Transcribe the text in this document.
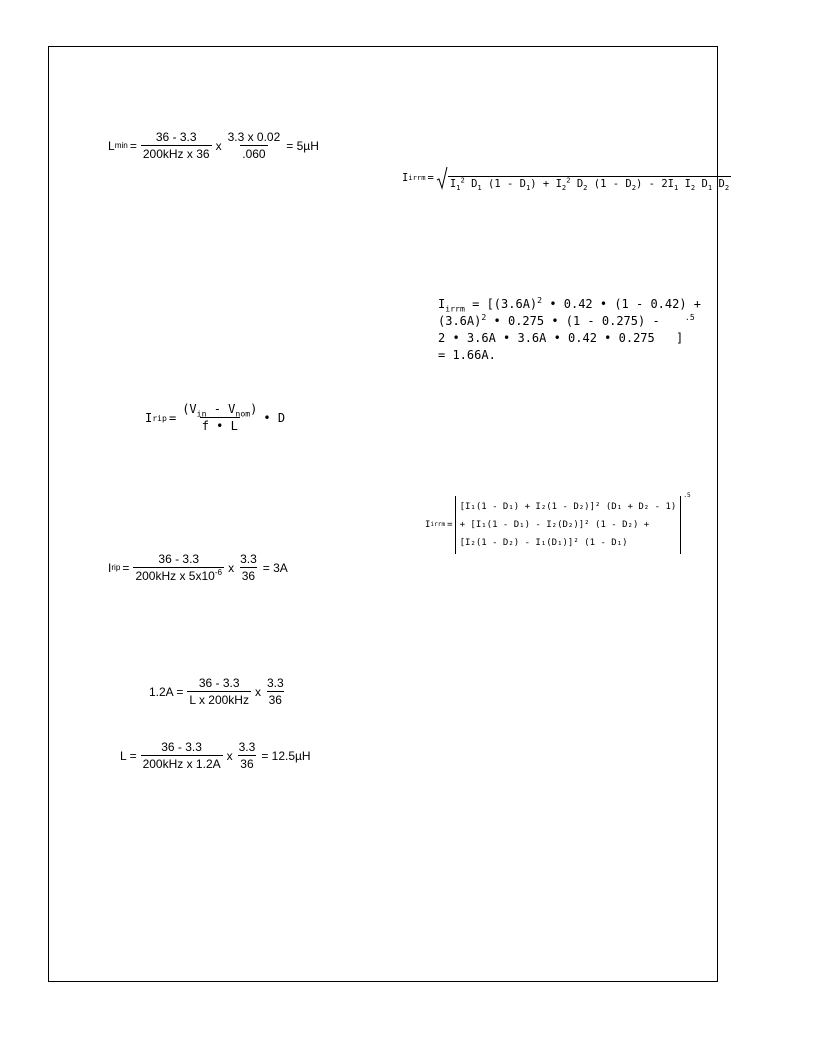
L $\min = \frac{36 - 3.3}{\text{200kHz x 36}}$ x $\frac{3.3 x 0.02}{.060} = 5\mu H$
I irrm = $I_1^2$ $D_1$ $(1 - D_1) + I_2^2$ $D_2$ $(1 - D_2) - 2I_1$ $I_2$ $D_1$ $D_2$
$I_{irrm} = [(3.6A)^2$ • 0.42 • (1 - 0.42) +
$(3.6A)^2$ • 0.275 • (1 - 0.275) -	$^{.5}$
2 • 3.6A • 3.6A • 0.42 • 0.275 ]
= 1.66A.
I rip = $\frac{(V_{in} - V_{nom})}{f • L}$ • D
I irrm =
[I₁(1 - D₁) + I₂(1 - D₂)]² (D₁ + D₂ - 1)
+ [I₁(1 - D₁) - I₂(D₂)]² (1 - D₂) +
[I₂(1 - D₂) - I₁(D₁)]² (1 - D₁)
.5
I rip = $\frac{36 - 3.3}{200kHz x 5x10^{-6}}$ x $\frac{3.3}{36} = 3A$
$1.2A = \frac{36 - 3.3}{\text{L x 200kHz}}$ x $\frac{3.3}{36}$
$L = \frac{36 - 3.3}{\text{200kHz x 1.2A}}$ x $\frac{3.3}{36} = 12.5\mu H$
